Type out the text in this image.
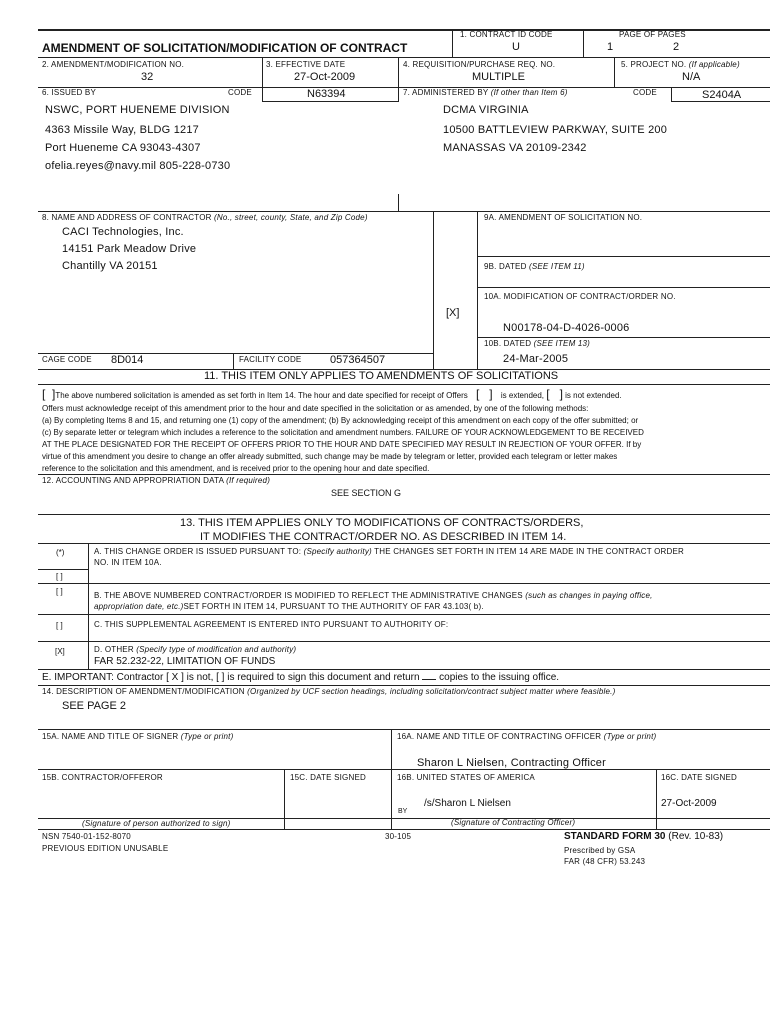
AMENDMENT OF SOLICITATION/MODIFICATION OF CONTRACT
1. CONTRACT ID CODE
U
PAGE OF PAGES
1	2
2. AMENDMENT/MODIFICATION NO.
32
3. EFFECTIVE DATE
27-Oct-2009
4. REQUISITION/PURCHASE REQ. NO.
MULTIPLE
5. PROJECT NO. (If applicable)
N/A
6. ISSUED BY	CODE	N63394	7. ADMINISTERED BY (If other than Item 6)	CODE	S2404A
NSWC, PORT HUENEME DIVISION
4363 Missile Way, BLDG 1217
Port Hueneme CA 93043-4307
ofelia.reyes@navy.mil 805-228-0730
DCMA VIRGINIA
10500 BATTLEVIEW PARKWAY, SUITE 200
MANASSAS VA 20109-2342
8. NAME AND ADDRESS OF CONTRACTOR (No., street, county, State, and Zip Code)
CACI Technologies, Inc.
14151 Park Meadow Drive
Chantilly VA 20151
9A. AMENDMENT OF SOLICITATION NO.
9B. DATED (SEE ITEM 11)
[X]
10A. MODIFICATION OF CONTRACT/ORDER NO.
N00178-04-D-4026-0006
10B. DATED (SEE ITEM 13)
24-Mar-2005
CAGE CODE 8D014	FACILITY CODE	057364507
11. THIS ITEM ONLY APPLIES TO AMENDMENTS OF SOLICITATIONS
[  ]The above numbered solicitation is amended as set forth in Item 14. The hour and date specified for receipt of Offers [   ] is extended, [   ] is not extended.
Offers must acknowledge receipt of this amendment prior to the hour and date specified in the solicitation or as amended, by one of the following methods:
(a) By completing Items 8 and 15, and returning one (1) copy of the amendment; (b) By acknowledging receipt of this amendment on each copy of the offer submitted; or
(c) By separate letter or telegram which includes a reference to the solicitation and amendment numbers. FAILURE OF YOUR ACKNOWLEDGEMENT TO BE RECEIVED
AT THE PLACE DESIGNATED FOR THE RECEIPT OF OFFERS PRIOR TO THE HOUR AND DATE SPECIFIED MAY RESULT IN REJECTION OF YOUR OFFER. If by
virtue of this amendment you desire to change an offer already submitted, such change may be made by telegram or letter, provided each telegram or letter makes
reference to the solicitation and this amendment, and is received prior to the opening hour and date specified.
12. ACCOUNTING AND APPROPRIATION DATA (If required)
SEE SECTION G
13. THIS ITEM APPLIES ONLY TO MODIFICATIONS OF CONTRACTS/ORDERS,
IT MODIFIES THE CONTRACT/ORDER NO. AS DESCRIBED IN ITEM 14.
(*)	A. THIS CHANGE ORDER IS ISSUED PURSUANT TO: (Specify authority) THE CHANGES SET FORTH IN ITEM 14 ARE MADE IN THE CONTRACT ORDER
NO. IN ITEM 10A.
[ ]
[ ]	B. THE ABOVE NUMBERED CONTRACT/ORDER IS MODIFIED TO REFLECT THE ADMINISTRATIVE CHANGES (such as changes in paying office,
appropriation date, etc.)SET FORTH IN ITEM 14, PURSUANT TO THE AUTHORITY OF FAR 43.103( b).
[ ]	C. THIS SUPPLEMENTAL AGREEMENT IS ENTERED INTO PURSUANT TO AUTHORITY OF:
[X]	D. OTHER (Specify type of modification and authority)
FAR 52.232-22, LIMITATION OF FUNDS
E. IMPORTANT: Contractor [ X ] is not, [ ] is required to sign this document and return copies to the issuing office.
14. DESCRIPTION OF AMENDMENT/MODIFICATION (Organized by UCF section headings, including solicitation/contract subject matter where feasible.)
SEE PAGE 2
15A. NAME AND TITLE OF SIGNER (Type or print)	16A. NAME AND TITLE OF CONTRACTING OFFICER (Type or print)
Sharon L Nielsen, Contracting Officer
15B. CONTRACTOR/OFFEROR	15C. DATE SIGNED	16B. UNITED STATES OF AMERICA	16C. DATE SIGNED
BY
/s/Sharon L Nielsen	27-Oct-2009
(Signature of person authorized to sign)	(Signature of Contracting Officer)
NSN 7540-01-152-8070
PREVIOUS EDITION UNUSABLE
30-105	STANDARD FORM 30 (Rev. 10-83)
Prescribed by GSA
FAR (48 CFR) 53.243
